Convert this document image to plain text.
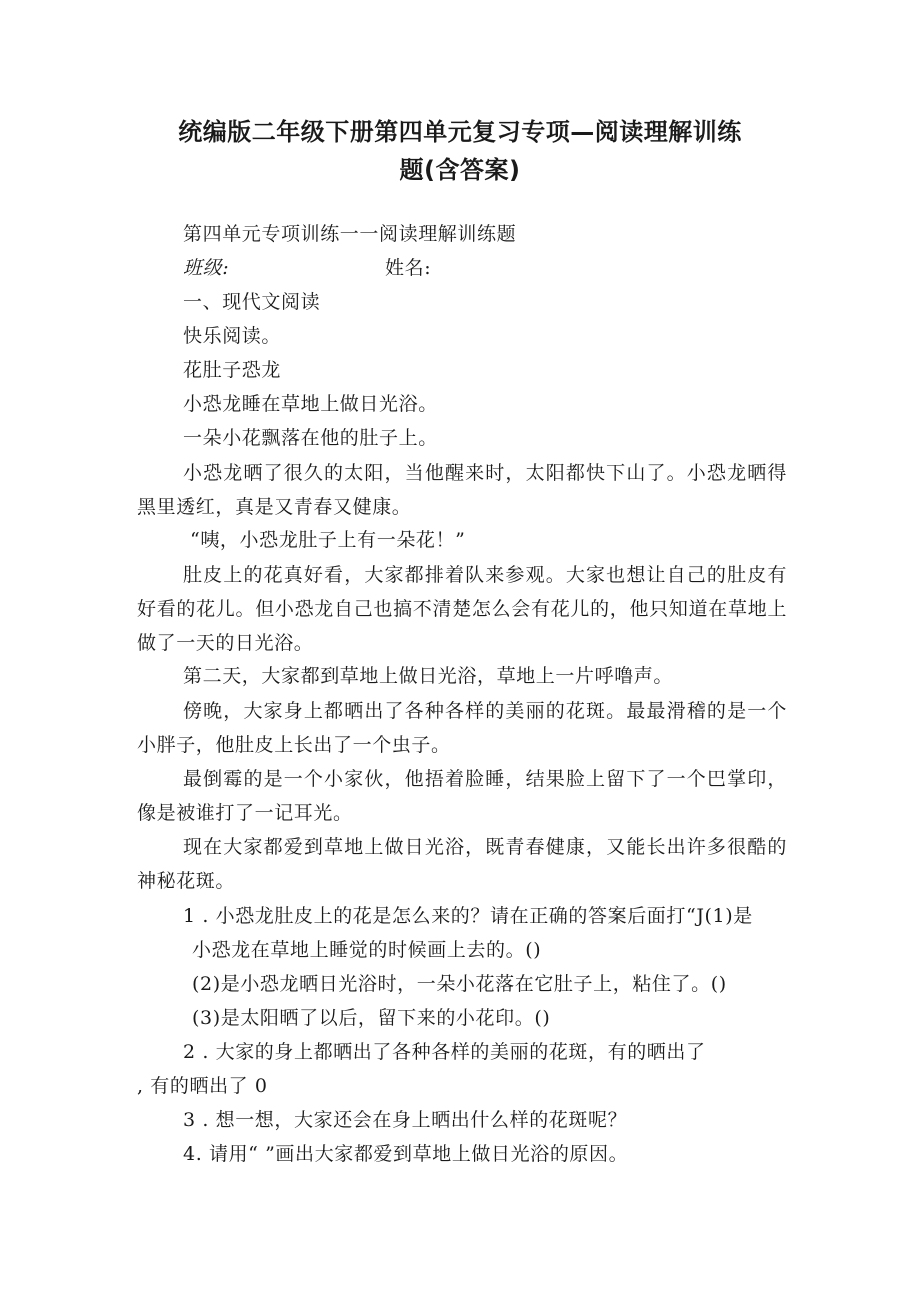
统编版二年级下册第四单元复习专项—阅读理解训练
题(含答案)
第四单元专项训练一一阅读理解训练题
班级:	姓名:
一、现代文阅读
快乐阅读。
花肚子恐龙
小恐龙睡在草地上做日光浴。
一朵小花飘落在他的肚子上。
小恐龙晒了很久的太阳，当他醒来时，太阳都快下山了。小恐龙晒得黑里透红，真是又青春又健康。
“咦，小恐龙肚子上有一朵花！”
肚皮上的花真好看，大家都排着队来参观。大家也想让自己的肚皮有好看的花儿。但小恐龙自己也搞不清楚怎么会有花儿的，他只知道在草地上做了一天的日光浴。
第二天，大家都到草地上做日光浴，草地上一片呼噜声。
傍晚，大家身上都晒出了各种各样的美丽的花斑。最最滑稽的是一个小胖子，他肚皮上长出了一个虫子。
最倒霉的是一个小家伙，他捂着脸睡，结果脸上留下了一个巴掌印，像是被谁打了一记耳光。
现在大家都爱到草地上做日光浴，既青春健康，又能长出许多很酷的神秘花斑。
1 . 小恐龙肚皮上的花是怎么来的？请在正确的答案后面打“J(1)是
小恐龙在草地上睡觉的时候画上去的。()
(2)是小恐龙晒日光浴时，一朵小花落在它肚子上，粘住了。()
(3)是太阳晒了以后，留下来的小花印。()
2 . 大家的身上都晒出了各种各样的美丽的花斑，有的晒出了
, 有的晒出了 0
3 . 想一想，大家还会在身上晒出什么样的花斑呢？
4. 请用“ ”画出大家都爱到草地上做日光浴的原因。
